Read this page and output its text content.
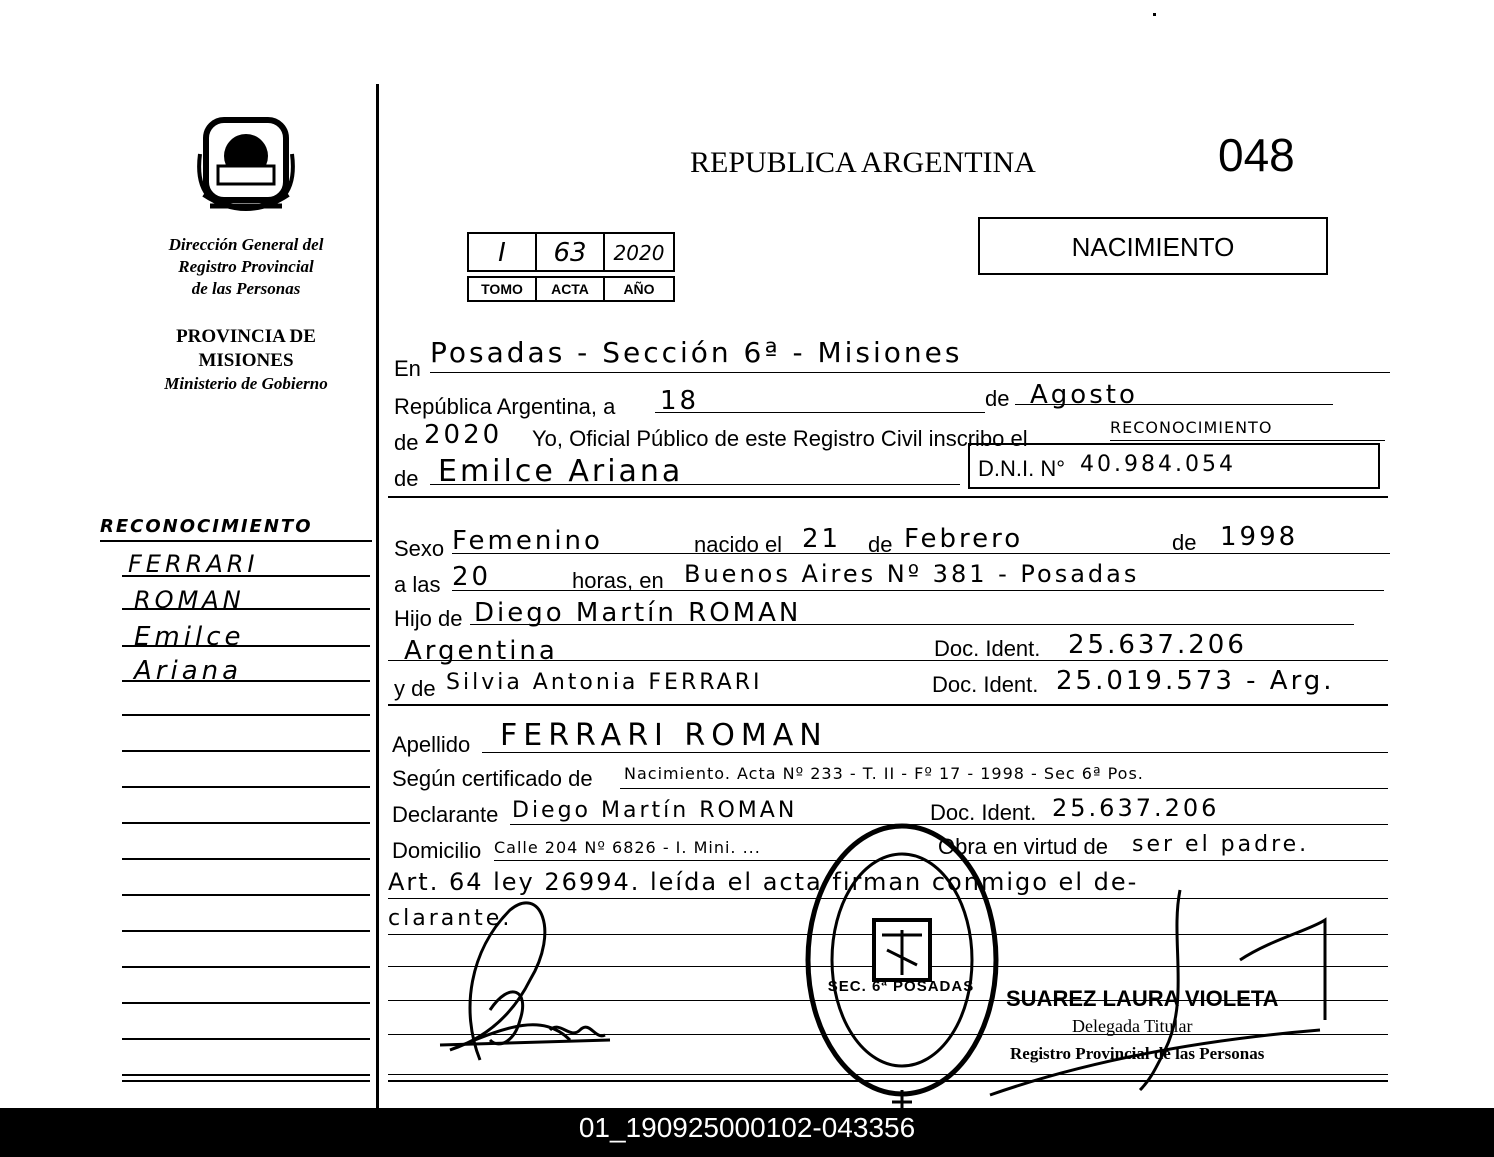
Dirección General del
Registro Provincial
de las Personas
PROVINCIA DE
MISIONES
Ministerio de Gobierno
RECONOCIMIENTO
FERRARI
ROMAN
Emilce
Ariana
REPUBLICA ARGENTINA	048
I	63	2020
TOMO	ACTA	AÑO
NACIMIENTO
En Posadas - Sección 6ª - Misiones
República Argentina, a 18	de Agosto
de 2020 Yo, Oficial Público de este Registro Civil inscribo el	RECONOCIMIENTO
de Emilce Ariana	D.N.I. N° 40.984.054
Sexo Femenino	nacido el 21 de Febrero	de 1998
a las 20	horas, en Buenos Aires Nº 381 - Posadas
Hijo de Diego Martín ROMAN
Argentina	Doc. Ident. 25.637.206
y de Silvia Antonia FERRARI	Doc. Ident. 25.019.573 - Arg.
Apellido FERRARI ROMAN
Según certificado de Nacimiento. Acta Nº 233 - T. II - Fº 17 - 1998 - Sec 6ª Pos.
Declarante Diego Martín ROMAN	Doc. Ident. 25.637.206
Domicilio Calle 204 Nº 6826 - I. Mini. ...	Obra en virtud de ser el padre.
Art. 64 ley 26994. leída el acta firman conmigo el de-
clarante.
SEC. 6ª POSADAS SUAREZ LAURA VIOLETA
Delegada Titular
Registro Provincial de las Personas
01_190925000102-043356
